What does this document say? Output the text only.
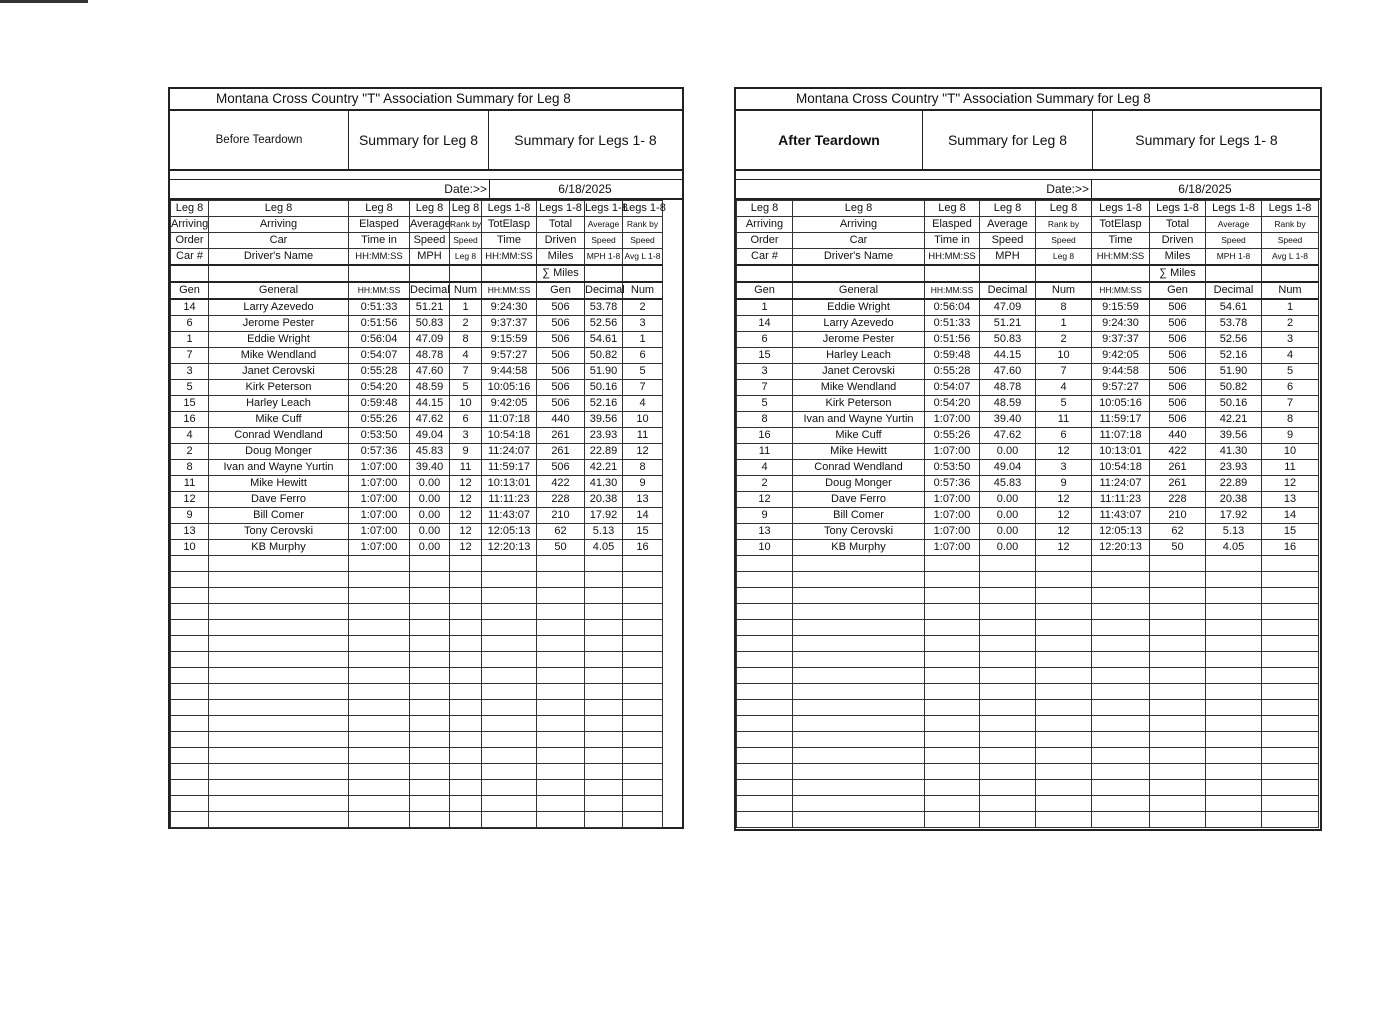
Montana Cross Country "T" Association Summary for Leg 8
Before Teardown	Summary for Leg 8	Summary for Legs 1- 8
Date:>>	6/18/2025
Leg 8	Leg 8	Leg 8	Leg 8	Leg 8	Legs 1-8	Legs 1-8	Legs 1-8	Legs 1-8
Arriving	Arriving	Elasped	Average	Rank by	TotElasp	Total	Average	Rank by
Order	Car	Time in	Speed	Speed	Time	Driven	Speed	Speed
Car #	Driver's Name	HH:MM:SS	MPH	Leg 8	HH:MM:SS	Miles	MPH 1-8	Avg L 1-8
						∑ Miles		
Gen	General	HH:MM:SS	Decimal	Num	HH:MM:SS	Gen	Decimal	Num
14	Larry Azevedo	0:51:33	51.21	1	9:24:30	506	53.78	2
6	Jerome Pester	0:51:56	50.83	2	9:37:37	506	52.56	3
1	Eddie Wright	0:56:04	47.09	8	9:15:59	506	54.61	1
7	Mike Wendland	0:54:07	48.78	4	9:57:27	506	50.82	6
3	Janet Cerovski	0:55:28	47.60	7	9:44:58	506	51.90	5
5	Kirk Peterson	0:54:20	48.59	5	10:05:16	506	50.16	7
15	Harley Leach	0:59:48	44.15	10	9:42:05	506	52.16	4
16	Mike Cuff	0:55:26	47.62	6	11:07:18	440	39.56	10
4	Conrad Wendland	0:53:50	49.04	3	10:54:18	261	23.93	11
2	Doug Monger	0:57:36	45.83	9	11:24:07	261	22.89	12
8	Ivan and Wayne Yurtin	1:07:00	39.40	11	11:59:17	506	42.21	8
11	Mike Hewitt	1:07:00	0.00	12	10:13:01	422	41.30	9
12	Dave Ferro	1:07:00	0.00	12	11:11:23	228	20.38	13
9	Bill Comer	1:07:00	0.00	12	11:43:07	210	17.92	14
13	Tony Cerovski	1:07:00	0.00	12	12:05:13	62	5.13	15
10	KB Murphy	1:07:00	0.00	12	12:20:13	50	4.05	16

Montana Cross Country "T" Association Summary for Leg 8
After Teardown	Summary for Leg 8	Summary for Legs 1- 8
Date:>>	6/18/2025
Leg 8	Leg 8	Leg 8	Leg 8	Leg 8	Legs 1-8	Legs 1-8	Legs 1-8	Legs 1-8
Arriving	Arriving	Elasped	Average	Rank by	TotElasp	Total	Average	Rank by
Order	Car	Time in	Speed	Speed	Time	Driven	Speed	Speed
Car #	Driver's Name	HH:MM:SS	MPH	Leg 8	HH:MM:SS	Miles	MPH 1-8	Avg L 1-8
						∑ Miles		
Gen	General	HH:MM:SS	Decimal	Num	HH:MM:SS	Gen	Decimal	Num
1	Eddie Wright	0:56:04	47.09	8	9:15:59	506	54.61	1
14	Larry Azevedo	0:51:33	51.21	1	9:24:30	506	53.78	2
6	Jerome Pester	0:51:56	50.83	2	9:37:37	506	52.56	3
15	Harley Leach	0:59:48	44.15	10	9:42:05	506	52.16	4
3	Janet Cerovski	0:55:28	47.60	7	9:44:58	506	51.90	5
7	Mike Wendland	0:54:07	48.78	4	9:57:27	506	50.82	6
5	Kirk Peterson	0:54:20	48.59	5	10:05:16	506	50.16	7
8	Ivan and Wayne Yurtin	1:07:00	39.40	11	11:59:17	506	42.21	8
16	Mike Cuff	0:55:26	47.62	6	11:07:18	440	39.56	9
11	Mike Hewitt	1:07:00	0.00	12	10:13:01	422	41.30	10
4	Conrad Wendland	0:53:50	49.04	3	10:54:18	261	23.93	11
2	Doug Monger	0:57:36	45.83	9	11:24:07	261	22.89	12
12	Dave Ferro	1:07:00	0.00	12	11:11:23	228	20.38	13
9	Bill Comer	1:07:00	0.00	12	11:43:07	210	17.92	14
13	Tony Cerovski	1:07:00	0.00	12	12:05:13	62	5.13	15
10	KB Murphy	1:07:00	0.00	12	12:20:13	50	4.05	16
